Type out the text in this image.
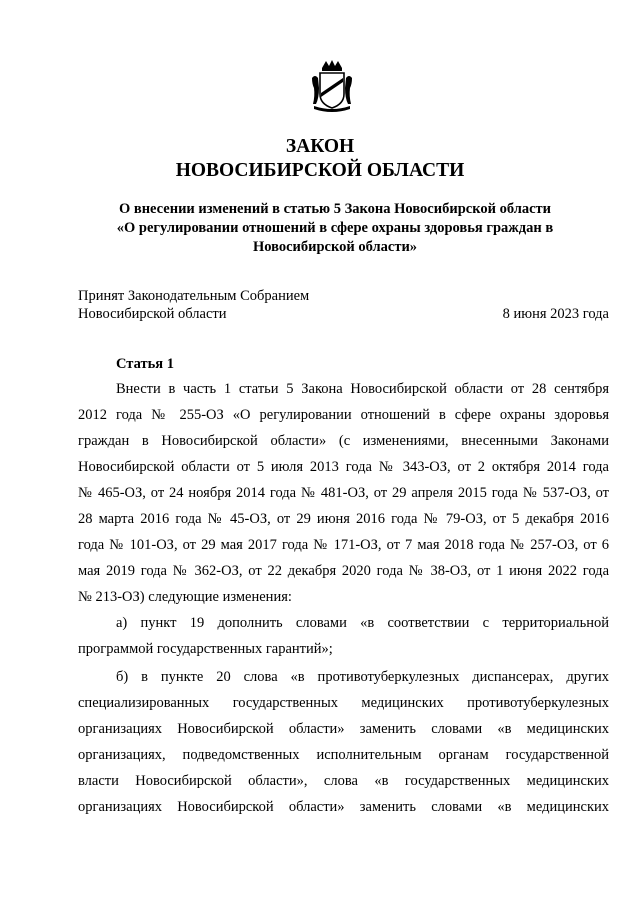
ЗАКОН
НОВОСИБИРСКОЙ ОБЛАСТИ

О внесении изменений в статью 5 Закона Новосибирской области

«О регулировании отношений в сфере охраны здоровья граждан в

Новосибирской области»

Принят Законодательным Собранием
Новосибирской области	8 июня 2023 года
Статья 1
Внести в часть 1 статьи 5 Закона Новосибирской области от 28 сентября
2012 года № 255-ОЗ «О регулировании отношений в сфере охраны здоровья
граждан в Новосибирской области» (с изменениями, внесенными Законами
Новосибирской области от 5 июля 2013 года № 343-ОЗ, от 2 октября 2014 года
№ 465-ОЗ, от 24 ноября 2014 года № 481-ОЗ, от 29 апреля 2015 года № 537-ОЗ, от
28 марта 2016 года № 45-ОЗ, от 29 июня 2016 года № 79-ОЗ, от 5 декабря 2016
года № 101-ОЗ, от 29 мая 2017 года № 171-ОЗ, от 7 мая 2018 года № 257-ОЗ, от 6
мая 2019 года № 362-ОЗ, от 22 декабря 2020 года № 38-ОЗ, от 1 июня 2022 года
№ 213-ОЗ) следующие изменения:
а) пункт 19 дополнить словами «в соответствии с территориальной
программой государственных гарантий»;
б) в пункте 20 слова «в противотуберкулезных диспансерах, других
специализированных государственных медицинских противотуберкулезных
организациях Новосибирской области» заменить словами «в медицинских
организациях, подведомственных исполнительным органам государственной
власти Новосибирской области», слова «в государственных медицинских
организациях Новосибирской области» заменить словами «в медицинских
